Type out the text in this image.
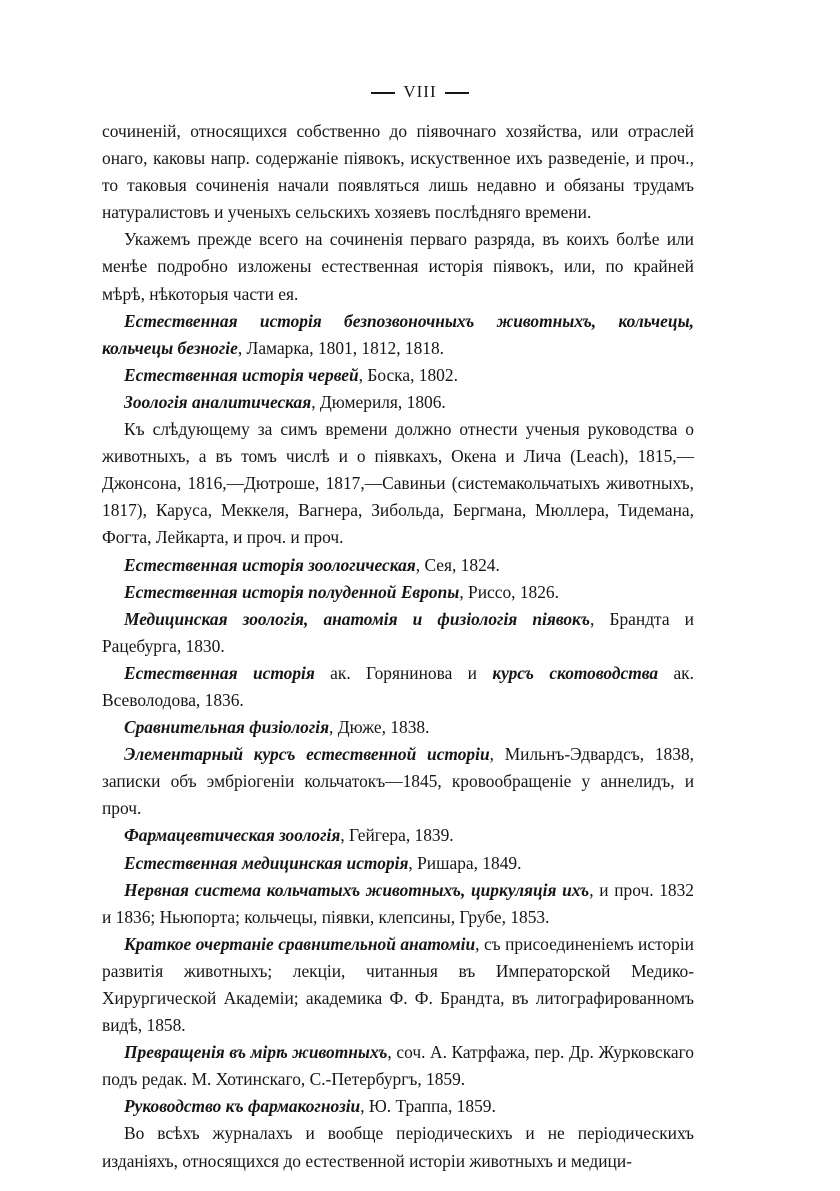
VIII

сочиненій, относящихся собственно до піявочнаго хозяйства, или отраслей онаго, каковы напр. содержаніе піявокъ, искуственное ихъ разведеніе, и проч., то таковыя сочиненія начали появляться лишь недавно и обязаны трудамъ натуралистовъ и ученыхъ сельскихъ хозяевъ послѣдняго времени.

Укажемъ прежде всего на сочиненія перваго разряда, въ коихъ болѣе или менѣе подробно изложены естественная исторія піявокъ, или, по крайней мѣрѣ, нѣкоторыя части ея.

Естественная исторія безпозвоночныхъ животныхъ, кольчецы, кольчецы безногіе, Ламарка, 1801, 1812, 1818.

Естественная исторія червей, Боска, 1802.

Зоологія аналитическая, Дюмериля, 1806.

Къ слѣдующему за симъ времени должно отнести ученыя руководства о животныхъ, а въ томъ числѣ и о піявкахъ, Окена и Лича (Leach), 1815,—Джонсона, 1816,—Дютроше, 1817,—Савиньи (системакольчатыхъ животныхъ, 1817), Каруса, Меккеля, Вагнера, Зибольда, Бергмана, Мюллера, Тидемана, Фогта, Лейкарта, и проч. и проч.

Естественная исторія зоологическая, Сея, 1824.

Естественная исторія полуденной Европы, Риссо, 1826.

Медицинская зоологія, анатомія и физіологія піявокъ, Брандта и Рацебурга, 1830.

Естественная исторія ак. Горянинова и курсъ скотоводства ак. Всеволодова, 1836.

Сравнительная физіологія, Дюже, 1838.

Элементарный курсъ естественной исторіи, Мильнъ-Эдвардсъ, 1838, записки объ эмбріогеніи кольчатокъ—1845, кровообращеніе у аннелидъ, и проч.

Фармацевтическая зоологія, Гейгера, 1839.

Естественная медицинская исторія, Ришара, 1849.

Нервная система кольчатыхъ животныхъ, циркуляція ихъ, и проч. 1832 и 1836; Ньюпорта; кольчецы, піявки, клепсины, Грубе, 1853.

Краткое очертаніе сравнительной анатоміи, съ присоединеніемъ исторіи развитія животныхъ; лекціи, читанныя въ Императорской Медико-Хирургической Академіи; академика Ф. Ф. Брандта, въ литографированномъ видѣ, 1858.

Превращенія въ мірѣ животныхъ, соч. А. Катрфажа, пер. Др. Журковскаго подъ редак. М. Хотинскаго, С.-Петербургъ, 1859.

Руководство къ фармакогнозіи, Ю. Траппа, 1859.

Во всѣхъ журналахъ и вообще періодическихъ и не періодическихъ изданіяхъ, относящихся до естественной исторіи животныхъ и медици-
